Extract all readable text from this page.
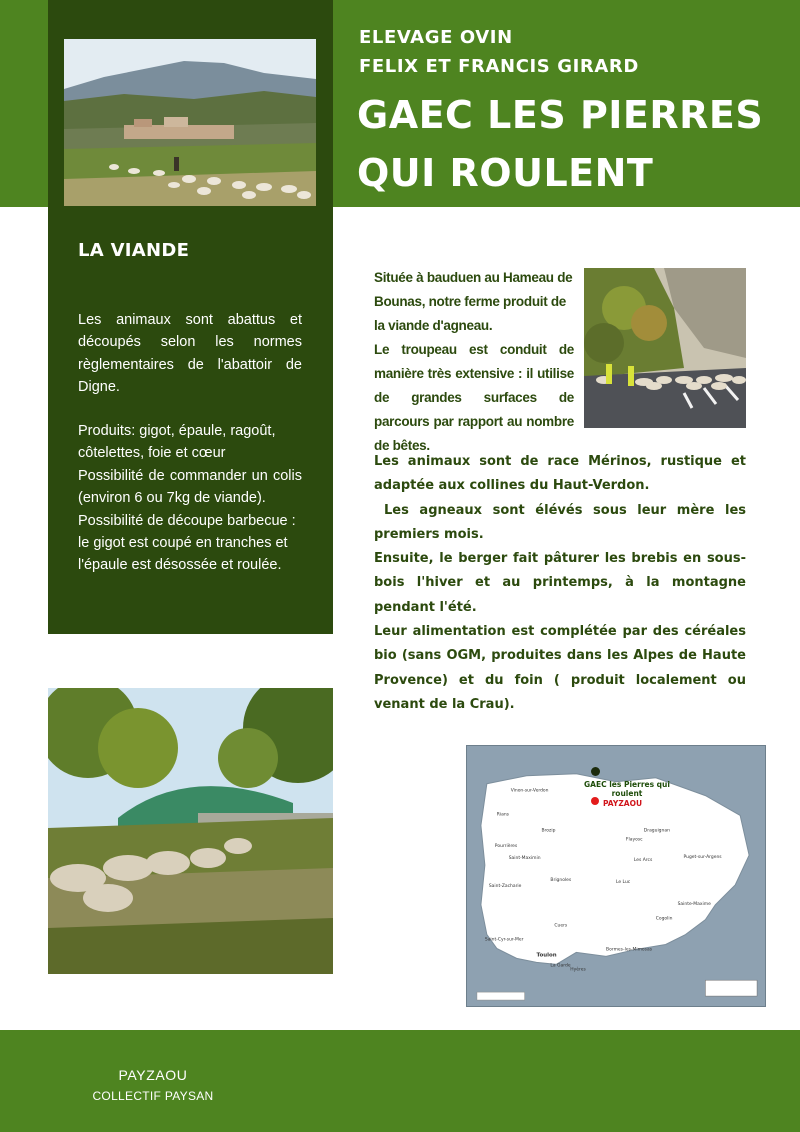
ELEVAGE OVIN
FELIX ET FRANCIS GIRARD
GAEC LES PIERRES QUI ROULENT
LA VIANDE
Les animaux sont abattus et découpés selon les normes règlementaires de l'abattoir de Digne.
Produits: gigot, épaule, ragoût, côtelettes, foie et cœur
Possibilité de commander un colis (environ 6 ou 7kg de viande).
Possibilité de découpe barbecue : le gigot est coupé en tranches et l'épaule est désossée et roulée.
Située à bauduen au Hameau de Bounas, notre ferme produit de la viande d'agneau.
Le troupeau est conduit de manière très extensive : il utilise de grandes surfaces de parcours par rapport au nombre de bêtes.
Les animaux sont de race Mérinos, rustique et adaptée aux collines du Haut-Verdon.
Les agneaux sont élévés sous leur mère les premiers mois.
Ensuite, le berger fait pâturer les brebis en sous-bois l'hiver et au printemps, à la montagne pendant l'été.
Leur alimentation est complétée par des céréales bio (sans OGM, produites dans les Alpes de Haute Provence) et du foin ( produit localement ou venant de la Crau).
Vinon-sur-Verdon
Rians
Brozip
Flayosc
Draguignan
Pourrières
Saint-Maximin	Les Arcs
Puget-sur-Argens
Brignoles	Le Luc
Saint-Zacharie
Sainte-Maxime
Cogolin
Cuers
Saint-Cyr-sur-Mer
Toulon
Bormes-les-Mimosas
La Garde
Hyères
GAEC les Pierres qui roulent
PAYZAOU
PAYZAOU
COLLECTIF PAYSAN
